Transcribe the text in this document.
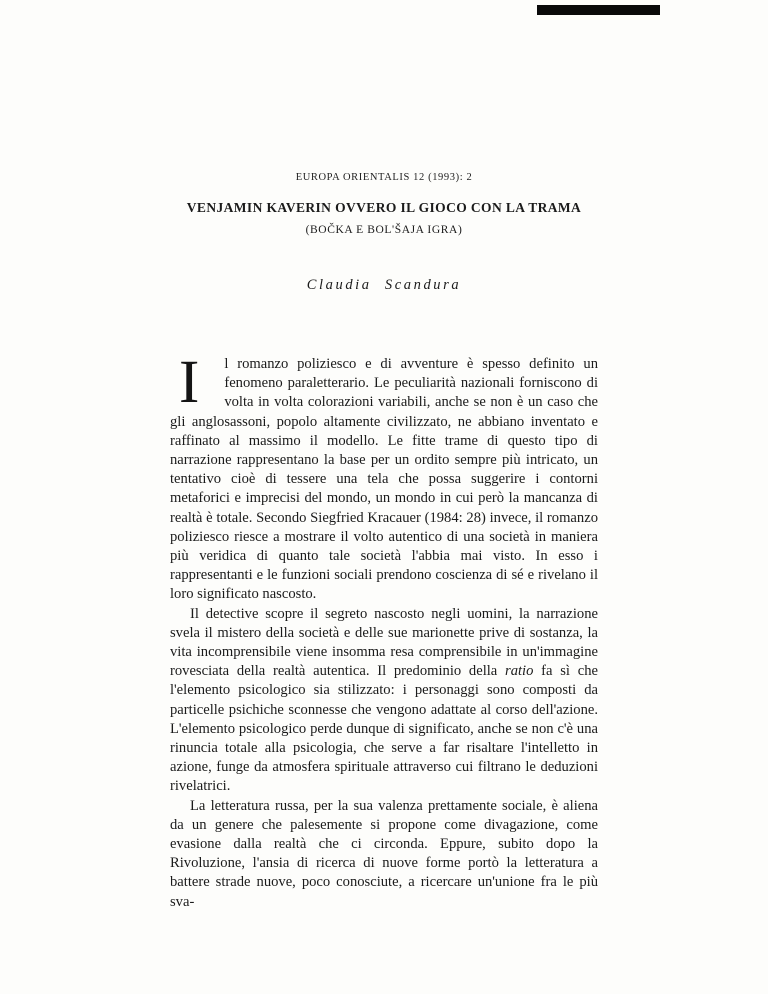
EUROPA ORIENTALIS 12 (1993): 2
VENJAMIN KAVERIN OVVERO IL GIOCO CON LA TRAMA
(BOČKA E BOL'ŠAJA IGRA)
Claudia Scandura

I	l romanzo poliziesco e di avventure è spesso definito un fenomeno paraletterario. Le peculiarità nazionali forniscono di volta in volta colorazioni variabili, anche se non è un caso che gli anglosassoni, popolo altamente civilizzato, ne abbiano inventato e raffinato al massimo il modello. Le fitte trame di questo tipo di narrazione rappresentano la base per un ordito sempre più intricato, un tentativo cioè di tessere una tela che possa suggerire i contorni metaforici e imprecisi del mondo, un mondo in cui però la mancanza di realtà è totale. Secondo Siegfried Kracauer (1984: 28) invece, il romanzo poliziesco riesce a mostrare il volto autentico di una società in maniera più veridica di quanto tale società l'abbia mai visto. In esso i rappresentanti e le funzioni sociali prendono coscienza di sé e rivelano il loro significato nascosto.

Il detective scopre il segreto nascosto negli uomini, la narrazione svela il mistero della società e delle sue marionette prive di sostanza, la vita incomprensibile viene insomma resa comprensibile in un'immagine rovesciata della realtà autentica. Il predominio della ratio fa sì che l'elemento psicologico sia stilizzato: i personaggi sono composti da particelle psichiche sconnesse che vengono adattate al corso dell'azione. L'elemento psicologico perde dunque di significato, anche se non c'è una rinuncia totale alla psicologia, che serve a far risaltare l'intelletto in azione, funge da atmosfera spirituale attraverso cui filtrano le deduzioni rivelatrici.

La letteratura russa, per la sua valenza prettamente sociale, è aliena da un genere che palesemente si propone come divagazione, come evasione dalla realtà che ci circonda. Eppure, subito dopo la Rivoluzione, l'ansia di ricerca di nuove forme portò la letteratura a battere strade nuove, poco conosciute, a ricercare un'unione fra le più sva-
